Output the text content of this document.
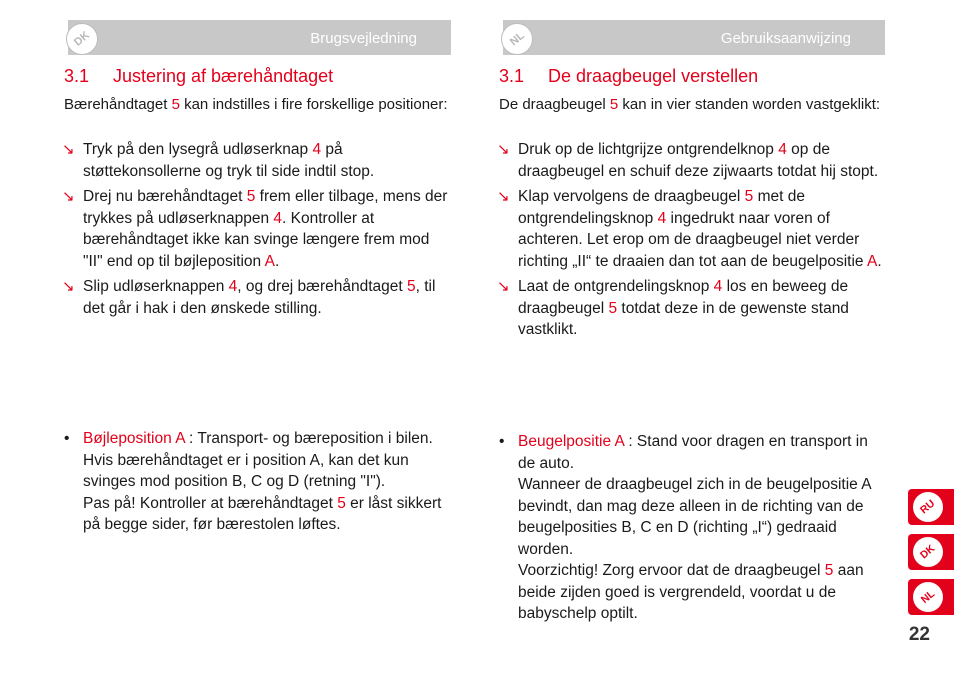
DK	Brugsvejledning
3.1 Justering af bærehåndtaget
Bærehåndtaget 5 kan indstilles i fire forskellige positioner:
↘ Tryk på den lysegrå udløserknap 4 på støttekonsollerne og tryk til side indtil stop.
↘ Drej nu bærehåndtaget 5 frem eller tilbage, mens der trykkes på udløserknappen 4. Kontroller at bærehåndtaget ikke kan svinge længere frem mod "II" end op til bøjleposition A.
↘ Slip udløserknappen 4, og drej bærehåndtaget 5, til det går i hak i den ønskede stilling.
• Bøjleposition A : Transport- og bæreposition i bilen.

Hvis bærehåndtaget er i position A, kan det kun svinges mod position B, C og D (retning "I").

Pas på! Kontroller at bærehåndtaget 5 er låst sikkert på begge sider, før bærestolen løftes.

NL	Gebruiksaanwijzing
3.1 De draagbeugel verstellen
De draagbeugel 5 kan in vier standen worden vastgeklikt:
↘ Druk op de lichtgrijze ontgrendelknop 4 op de draagbeugel en schuif deze zijwaarts totdat hij stopt.
↘ Klap vervolgens de draagbeugel 5 met de ontgrendelingsknop 4 ingedrukt naar voren of achteren. Let erop om de draagbeugel niet verder richting „II“ te draaien dan tot aan de beugelpositie A.
↘ Laat de ontgrendelingsknop 4 los en beweeg de draagbeugel 5 totdat deze in de gewenste stand vastklikt.
• Beugelpositie A : Stand voor dragen en transport in de auto.

Wanneer de draagbeugel zich in de beugelpositie A bevindt, dan mag deze alleen in de richting van de beugelposities B, C en D (richting „I“) gedraaid worden.

Voorzichtig! Zorg ervoor dat de draagbeugel 5 aan beide zijden goed is vergrendeld, voordat u de babyschelp optilt.

RU
DK
NL
22
